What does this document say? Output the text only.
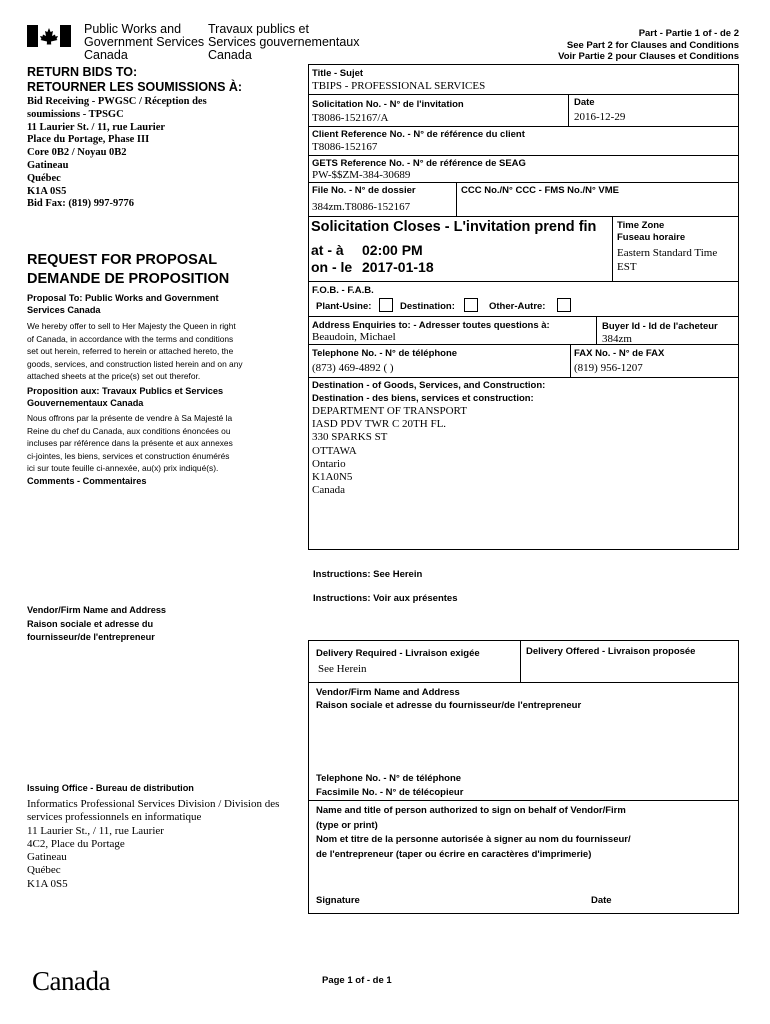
Public Works and
Government Services
Canada
Travaux publics et
Services gouvernementaux
Canada
Part - Partie 1 of - de 2
See Part 2 for Clauses and Conditions
Voir Partie 2 pour Clauses et Conditions
RETURN BIDS TO:
RETOURNER LES SOUMISSIONS À:
Bid Receiving - PWGSC / Réception des
soumissions - TPSGC
11 Laurier St. / 11, rue Laurier
Place du Portage, Phase III
Core 0B2 / Noyau 0B2
Gatineau
Québec
K1A 0S5
Bid Fax: (819) 997-9776
REQUEST FOR PROPOSAL
DEMANDE DE PROPOSITION
Proposal To: Public Works and Government
Services Canada
We hereby offer to sell to Her Majesty the Queen in right
of Canada, in accordance with the terms and conditions
set out herein, referred to herein or attached hereto, the
goods, services, and construction listed herein and on any
attached sheets at the price(s) set out therefor.
Proposition aux: Travaux Publics et Services
Gouvernementaux Canada
Nous offrons par la présente de vendre à Sa Majesté la
Reine du chef du Canada, aux conditions énoncées ou
incluses par référence dans la présente et aux annexes
ci-jointes, les biens, services et construction énumérés
ici sur toute feuille ci-annexée, au(x) prix indiqué(s).
Comments - Commentaires
Vendor/Firm Name and Address
Raison sociale et adresse du
fournisseur/de l'entrepreneur
Issuing Office - Bureau de distribution
Informatics Professional Services Division / Division des
services professionnels en informatique
11 Laurier St., / 11, rue Laurier
4C2, Place du Portage
Gatineau
Québec
K1A 0S5
Canada
Title - Sujet
TBIPS - PROFESSIONAL SERVICES
Solicitation No. - N° de l'invitation
T8086-152167/A
Date
2016-12-29
Client Reference No. - N° de référence du client
T8086-152167
GETS Reference No. - N° de référence de SEAG
PW-$$ZM-384-30689
File No. - N° de dossier
384zm.T8086-152167
CCC No./N° CCC - FMS No./N° VME
Solicitation Closes - L'invitation prend fin
at - à 02:00 PM
on - le 2017-01-18
Time Zone
Fuseau horaire
Eastern Standard Time
EST
F.O.B. - F.A.B.
Plant-Usine:	Destination:	Other-Autre:
Address Enquiries to: - Adresser toutes questions à:
Beaudoin, Michael
Buyer Id - Id de l'acheteur
384zm
Telephone No. - N° de téléphone
(873) 469-4892 ( )
FAX No. - N° de FAX
(819) 956-1207
Destination - of Goods, Services, and Construction:
Destination - des biens, services et construction:
DEPARTMENT OF TRANSPORT
IASD PDV TWR C 20TH FL.
330 SPARKS ST
OTTAWA
Ontario
K1A0N5
Canada
Instructions: See Herein
Instructions: Voir aux présentes
Delivery Required - Livraison exigée
See Herein
Delivery Offered - Livraison proposée
Vendor/Firm Name and Address
Raison sociale et adresse du fournisseur/de l'entrepreneur
Telephone No. - N° de téléphone
Facsimile No. - N° de télécopieur
Name and title of person authorized to sign on behalf of Vendor/Firm
(type or print)
Nom et titre de la personne autorisée à signer au nom du fournisseur/
de l'entrepreneur (taper ou écrire en caractères d'imprimerie)
Signature	Date
Page 1 of - de 1
